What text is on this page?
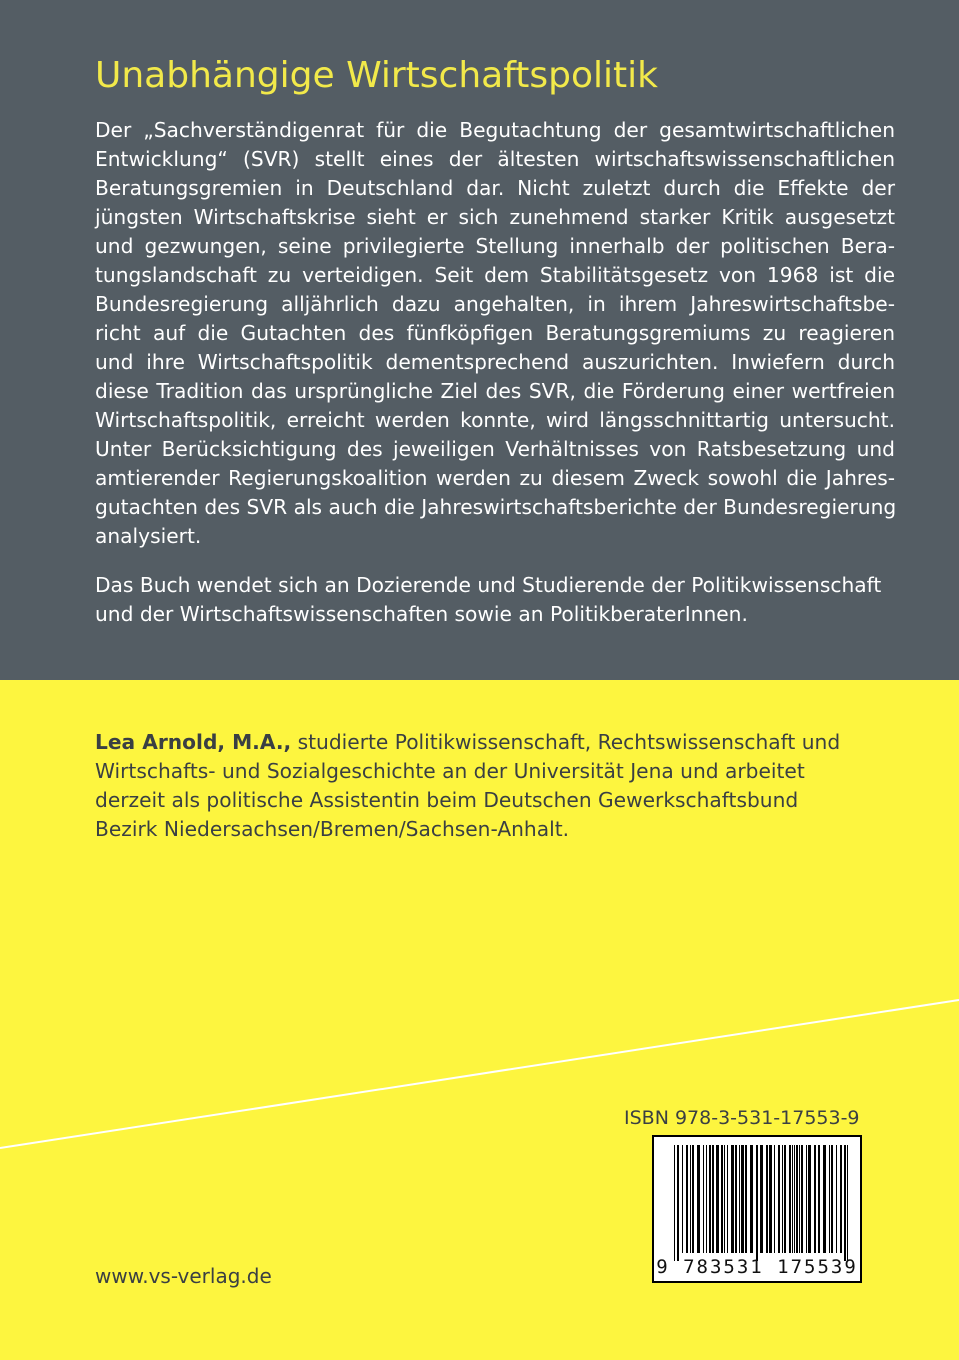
Unabhängige Wirtschaftspolitik
Der „Sachverständigenrat für die Begutachtung der gesamtwirtschaftlichen
Entwicklung“ (SVR) stellt eines der ältesten wirtschaftswissenschaftlichen
Beratungsgremien in Deutschland dar. Nicht zuletzt durch die Effekte der
jüngsten Wirtschaftskrise sieht er sich zunehmend starker Kritik ausgesetzt
und gezwungen, seine privilegierte Stellung innerhalb der politischen Bera-
tungslandschaft zu verteidigen. Seit dem Stabilitätsgesetz von 1968 ist die
Bundesregierung alljährlich dazu angehalten, in ihrem Jahreswirtschaftsbe-
richt auf die Gutachten des fünfköpfigen Beratungsgremiums zu reagieren
und ihre Wirtschaftspolitik dementsprechend auszurichten. Inwiefern durch
diese Tradition das ursprüngliche Ziel des SVR, die Förderung einer wertfreien
Wirtschaftspolitik, erreicht werden konnte, wird längsschnittartig untersucht.
Unter Berücksichtigung des jeweiligen Verhältnisses von Ratsbesetzung und
amtierender Regierungskoalition werden zu diesem Zweck sowohl die Jahres-
gutachten des SVR als auch die Jahreswirtschaftsberichte der Bundesregierung
analysiert.
Das Buch wendet sich an Dozierende und Studierende der Politikwissenschaft
und der Wirtschaftswissenschaften sowie an PolitikberaterInnen.
Lea Arnold, M.A., studierte Politikwissenschaft, Rechtswissenschaft und
Wirtschafts- und Sozialgeschichte an der Universität Jena und arbeitet
derzeit als politische Assistentin beim Deutschen Gewerkschaftsbund
Bezirk Niedersachsen/Bremen/Sachsen-Anhalt.

ISBN 978-3-531-17553-9

9 783531 175539

www.vs-verlag.de
